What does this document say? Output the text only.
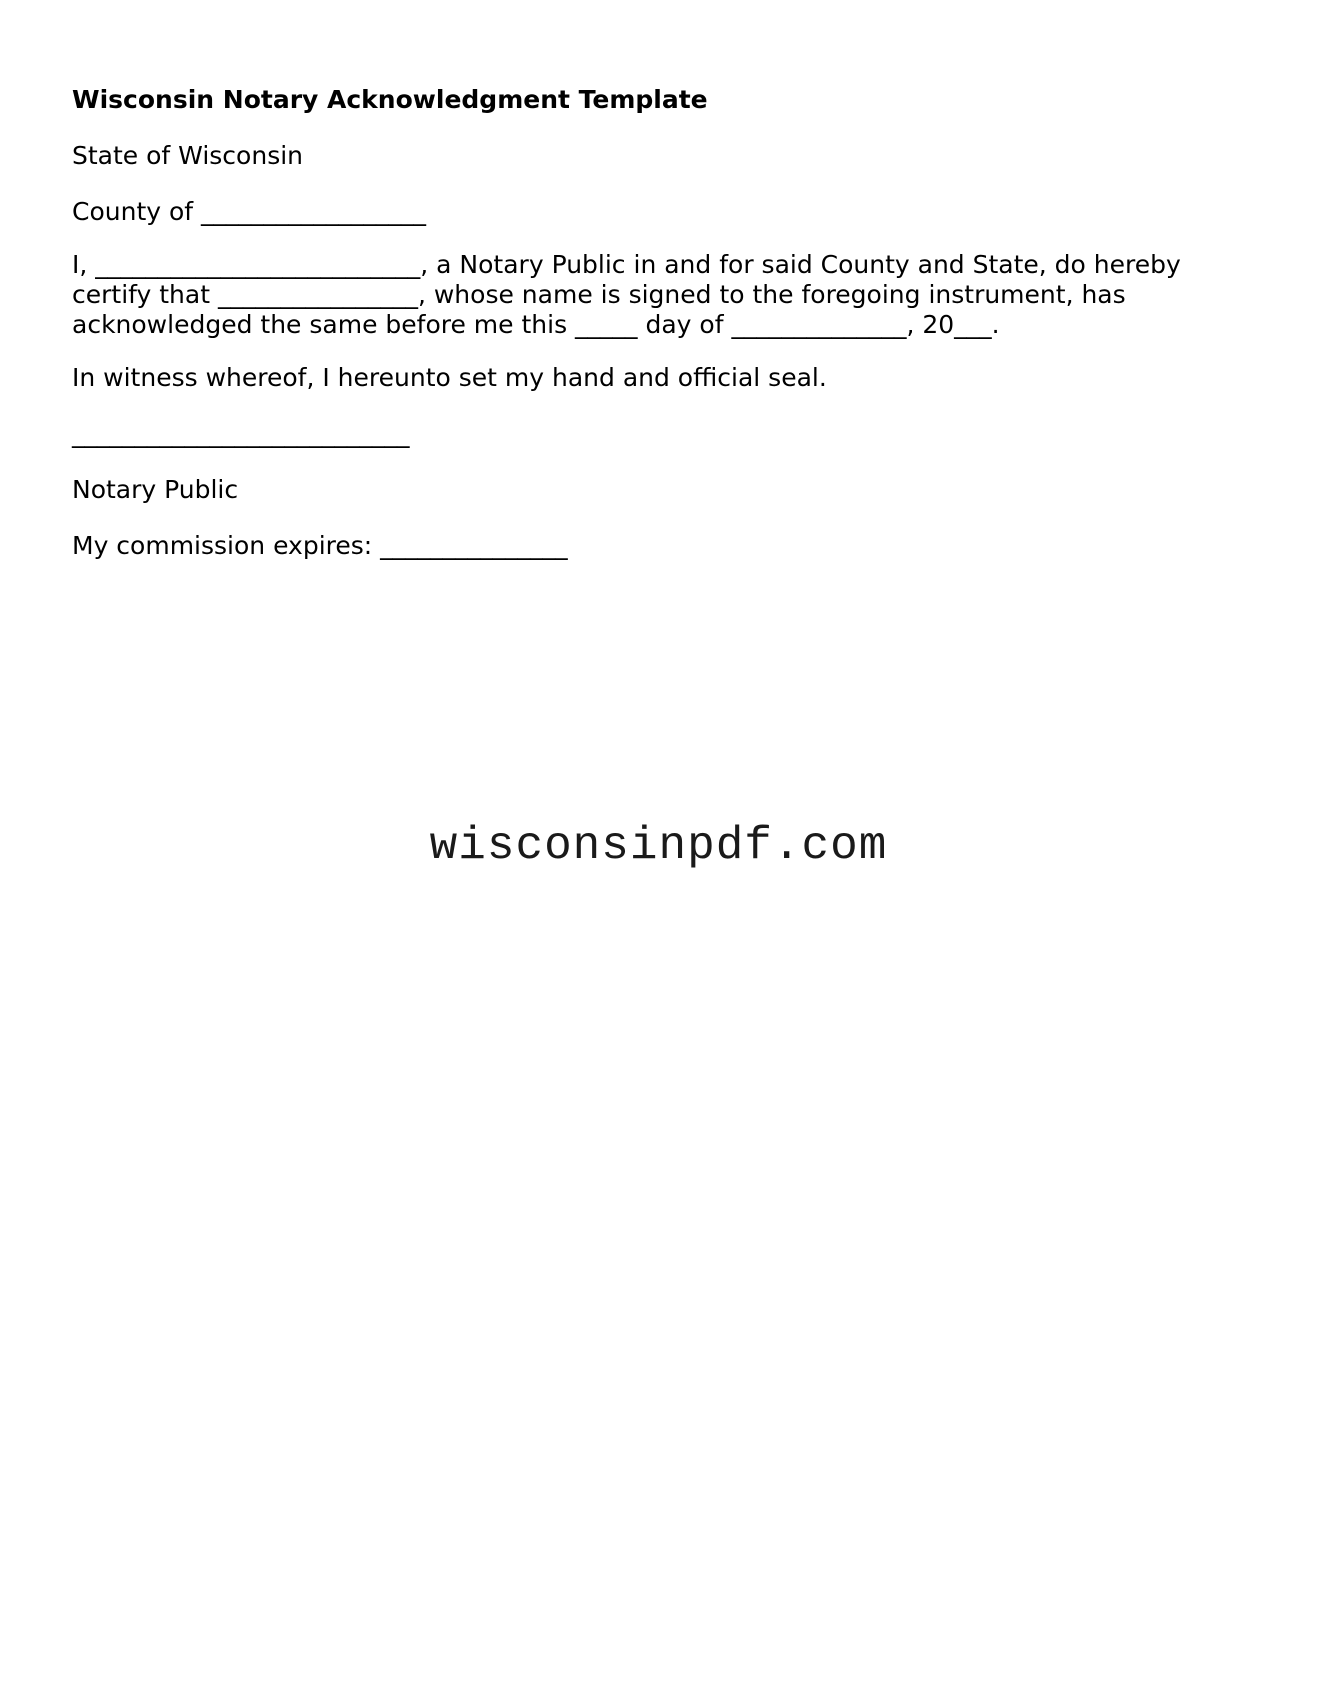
Wisconsin Notary Acknowledgment Template
State of Wisconsin
County of __________________
I, __________________________, a Notary Public in and for said County and State, do hereby
certify that ________________, whose name is signed to the foregoing instrument, has
acknowledged the same before me this _____ day of ______________, 20___.
In witness whereof, I hereunto set my hand and official seal.
___________________________
Notary Public
My commission expires: _______________
wisconsinpdf.com
